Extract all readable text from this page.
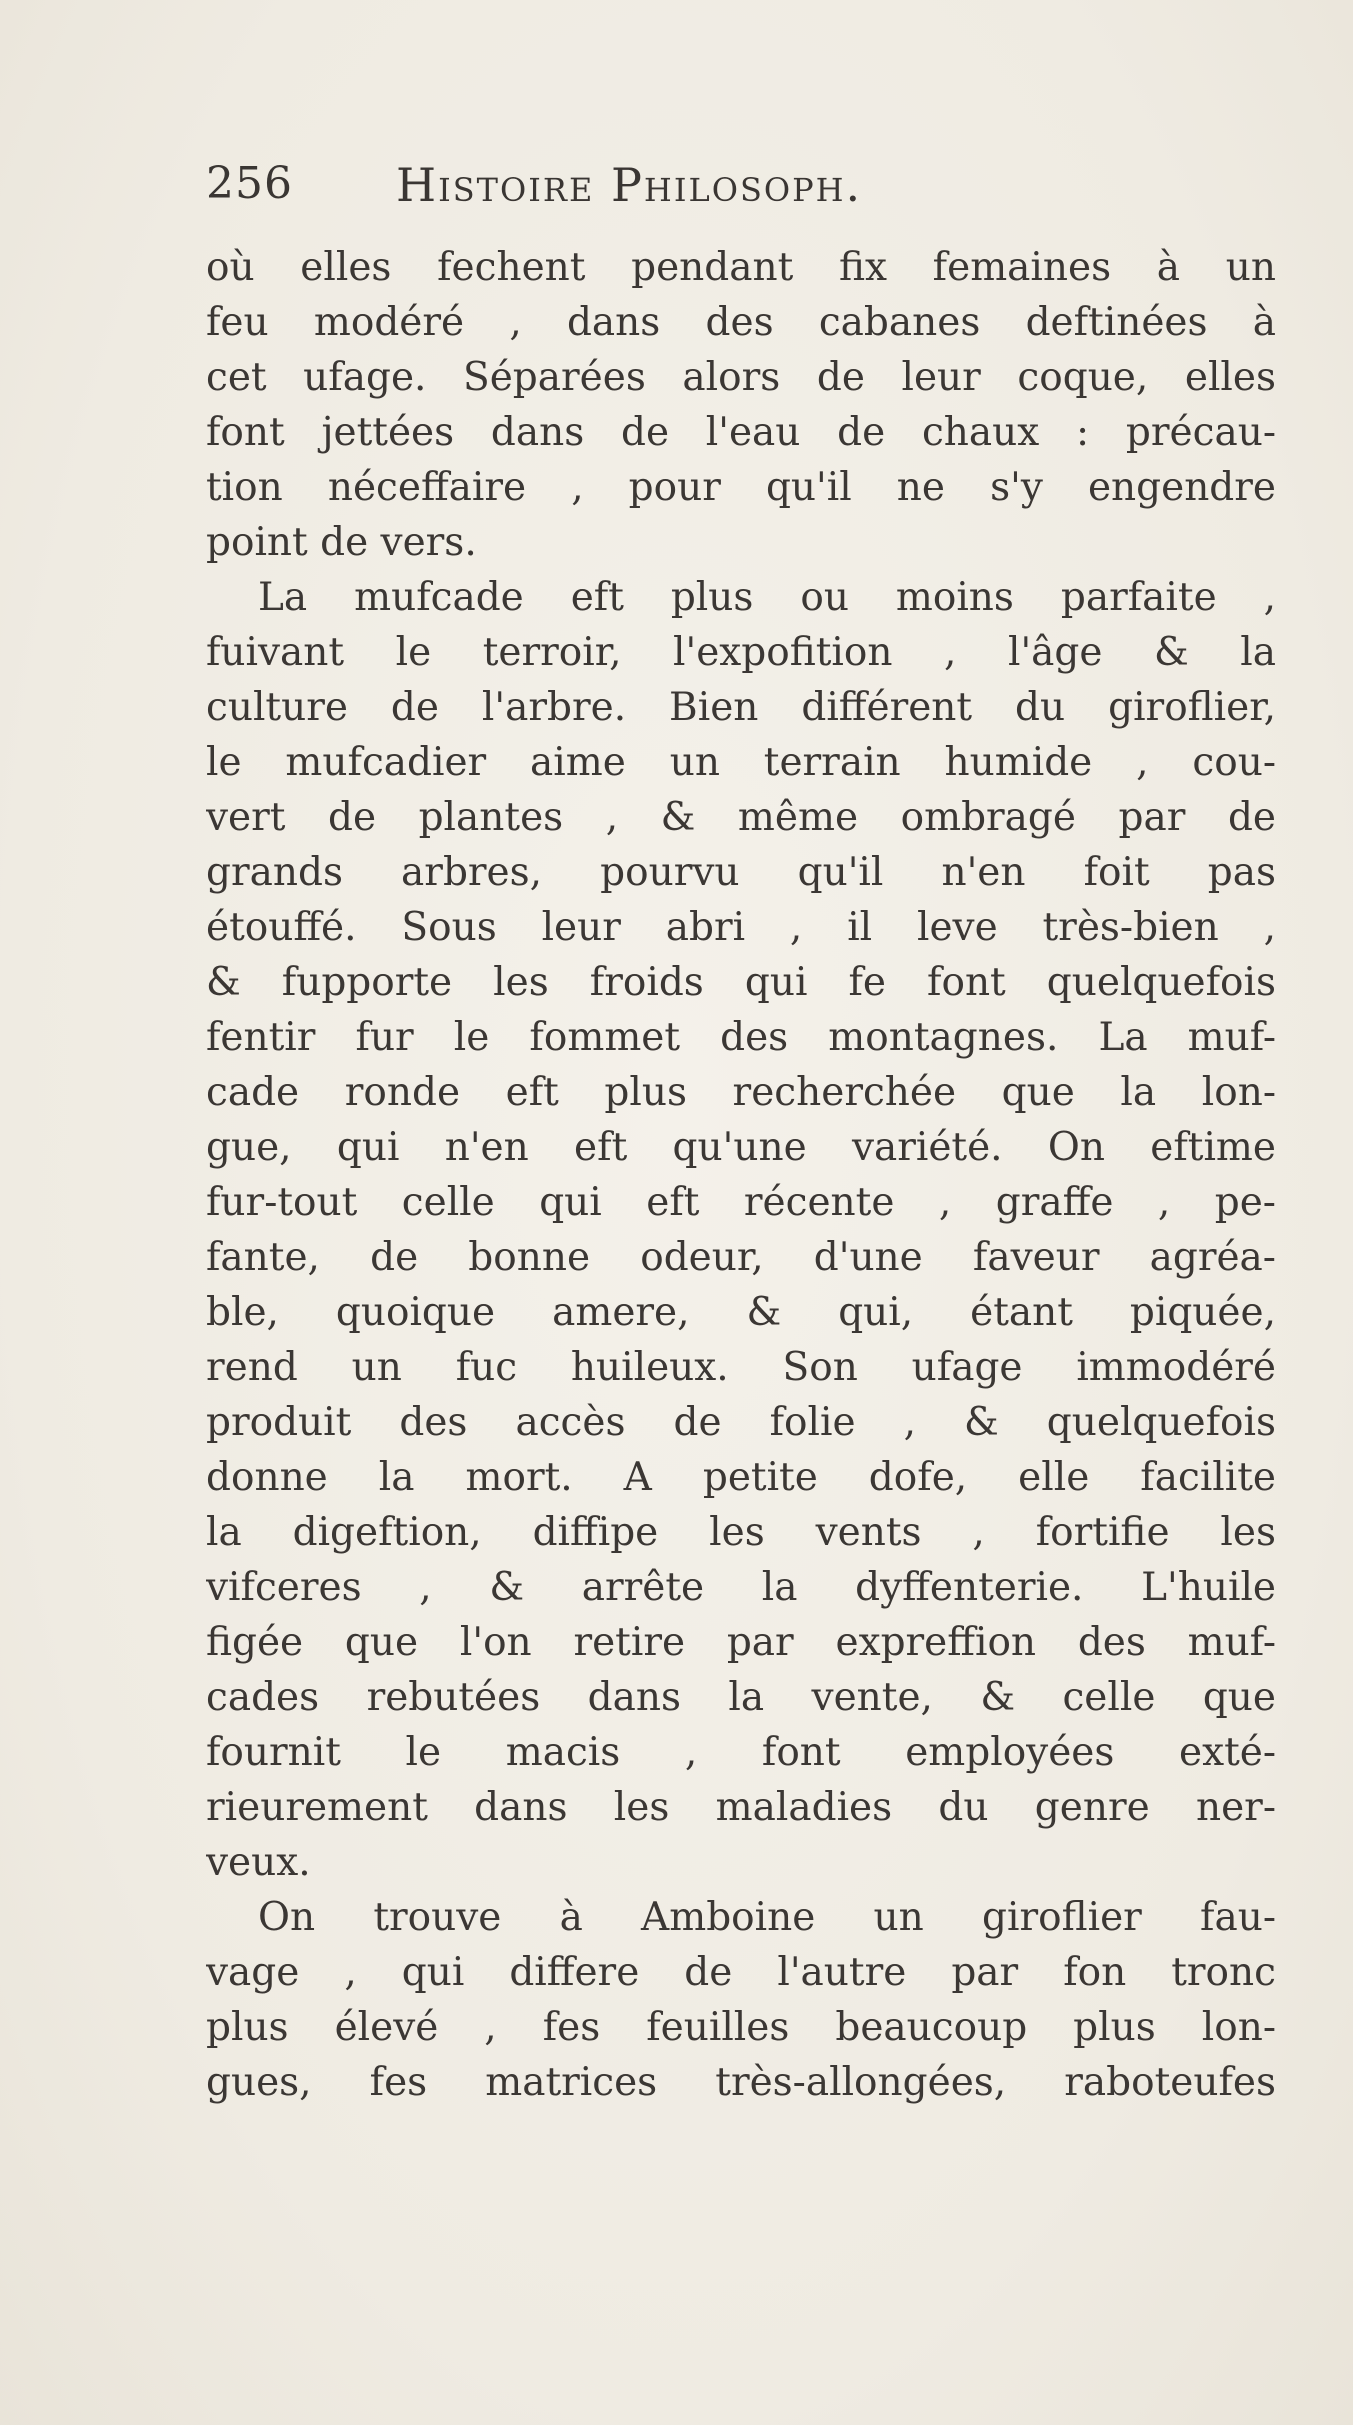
256 Histoire Philosoph.
où elles fechent pendant fix femaines à un
feu modéré , dans des cabanes deftinées à
cet ufage. Séparées alors de leur coque, elles
font jettées dans de l'eau de chaux : précau-
tion néceffaire , pour qu'il ne s'y engendre
point de vers.
La mufcade eft plus ou moins parfaite ,
fuivant le terroir, l'expofition , l'âge & la
culture de l'arbre. Bien différent du giroflier,
le mufcadier aime un terrain humide , cou-
vert de plantes , & même ombragé par de
grands arbres, pourvu qu'il n'en foit pas
étouffé. Sous leur abri , il leve très-bien ,
& fupporte les froids qui fe font quelquefois
fentir fur le fommet des montagnes. La muf-
cade ronde eft plus recherchée que la lon-
gue, qui n'en eft qu'une variété. On eftime
fur-tout celle qui eft récente , graffe , pe-
fante, de bonne odeur, d'une faveur agréa-
ble, quoique amere, & qui, étant piquée,
rend un fuc huileux. Son ufage immodéré
produit des accès de folie , & quelquefois
donne la mort. A petite dofe, elle facilite
la digeftion, diffipe les vents , fortifie les
vifceres , & arrête la dyffenterie. L'huile
figée que l'on retire par expreffion des muf-
cades rebutées dans la vente, & celle que
fournit le macis , font employées exté-
rieurement dans les maladies du genre ner-
veux.
On trouve à Amboine un giroflier fau-
vage , qui differe de l'autre par fon tronc
plus élevé , fes feuilles beaucoup plus lon-
gues, fes matrices très-allongées, raboteufes
